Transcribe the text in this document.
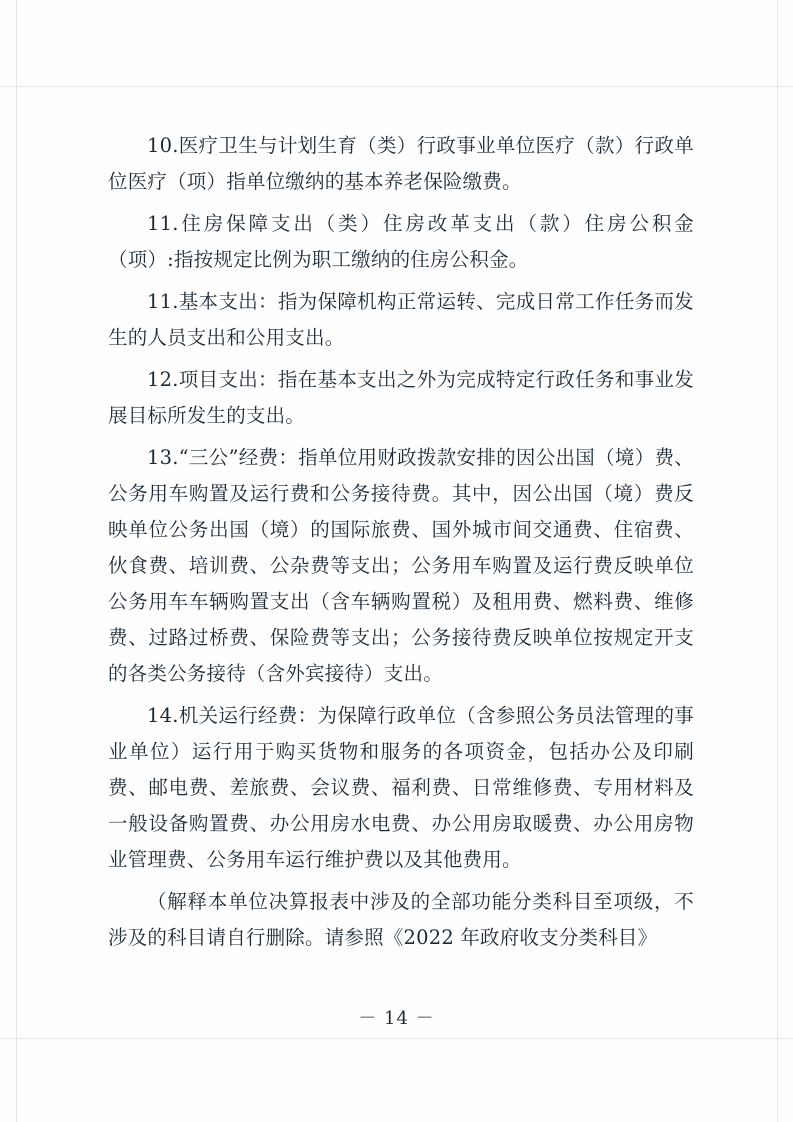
10.医疗卫生与计划生育（类）行政事业单位医疗（款）行政单位医疗（项）指单位缴纳的基本养老保险缴费。

11.住房保障支出（类）住房改革支出（款）住房公积金（项）:指按规定比例为职工缴纳的住房公积金。

11.基本支出：指为保障机构正常运转、完成日常工作任务而发生的人员支出和公用支出。

12.项目支出：指在基本支出之外为完成特定行政任务和事业发展目标所发生的支出。

13.“三公”经费：指单位用财政拨款安排的因公出国（境）费、公务用车购置及运行费和公务接待费。其中，因公出国（境）费反映单位公务出国（境）的国际旅费、国外城市间交通费、住宿费、伙食费、培训费、公杂费等支出；公务用车购置及运行费反映单位公务用车车辆购置支出（含车辆购置税）及租用费、燃料费、维修费、过路过桥费、保险费等支出；公务接待费反映单位按规定开支的各类公务接待（含外宾接待）支出。

14.机关运行经费：为保障行政单位（含参照公务员法管理的事业单位）运行用于购买货物和服务的各项资金，包括办公及印刷费、邮电费、差旅费、会议费、福利费、日常维修费、专用材料及一般设备购置费、办公用房水电费、办公用房取暖费、办公用房物业管理费、公务用车运行维护费以及其他费用。

（解释本单位决算报表中涉及的全部功能分类科目至项级，不涉及的科目请自行删除。请参照《2022 年政府收支分类科目》

－ 14 －
